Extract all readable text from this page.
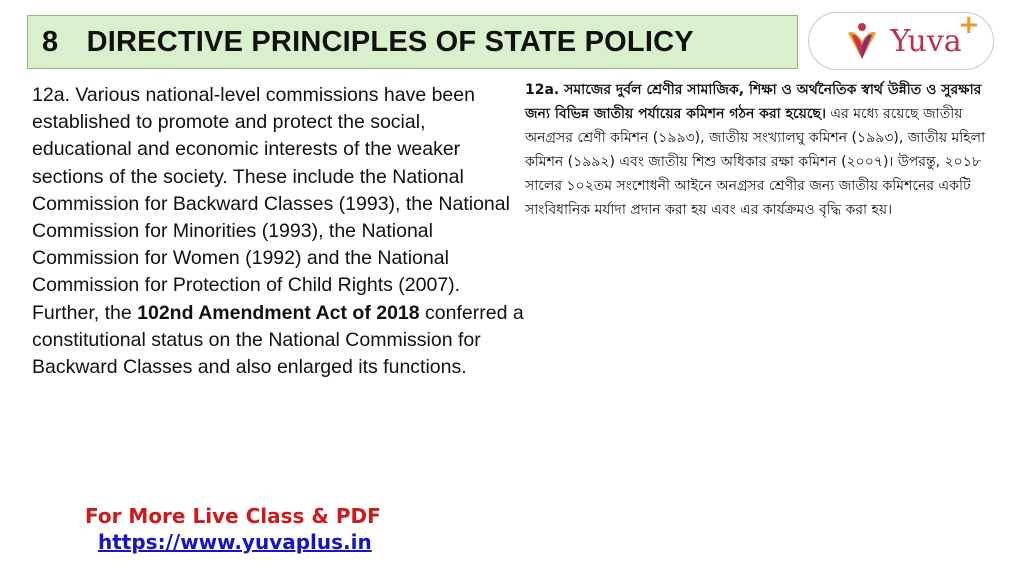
8 DIRECTIVE PRINCIPLES OF STATE POLICY	Yuva
+
12a. Various national-level commissions have been established to promote and protect the social, educational and economic interests of the weaker sections of the society. These include the National Commission for Backward Classes (1993), the National Commission for Minorities (1993), the National Commission for Women (1992) and the National Commission for Protection of Child Rights (2007). Further, the 102nd Amendment Act of 2018 conferred a constitutional status on the National Commission for Backward Classes and also enlarged its functions.
12a. সমাজের দুর্বল শ্রেণীর সামাজিক, শিক্ষা ও অর্থনৈতিক স্বার্থ উন্নীত ও সুরক্ষার জন্য বিভিন্ন জাতীয় পর্যায়ের কমিশন গঠন করা হয়েছে। এর মধ্যে রয়েছে জাতীয় অনগ্রসর শ্রেণী কমিশন (১৯৯৩), জাতীয় সংখ্যালঘু কমিশন (১৯৯৩), জাতীয় মহিলা কমিশন (১৯৯২) এবং জাতীয় শিশু অধিকার রক্ষা কমিশন (২০০৭)। উপরন্তু, ২০১৮ সালের ১০২তম সংশোধনী আইনে অনগ্রসর শ্রেণীর জন্য জাতীয় কমিশনের একটি সাংবিধানিক মর্যাদা প্রদান করা হয় এবং এর কার্যক্রমও বৃদ্ধি করা হয়।
For More Live Class & PDF
https://www.yuvaplus.in
